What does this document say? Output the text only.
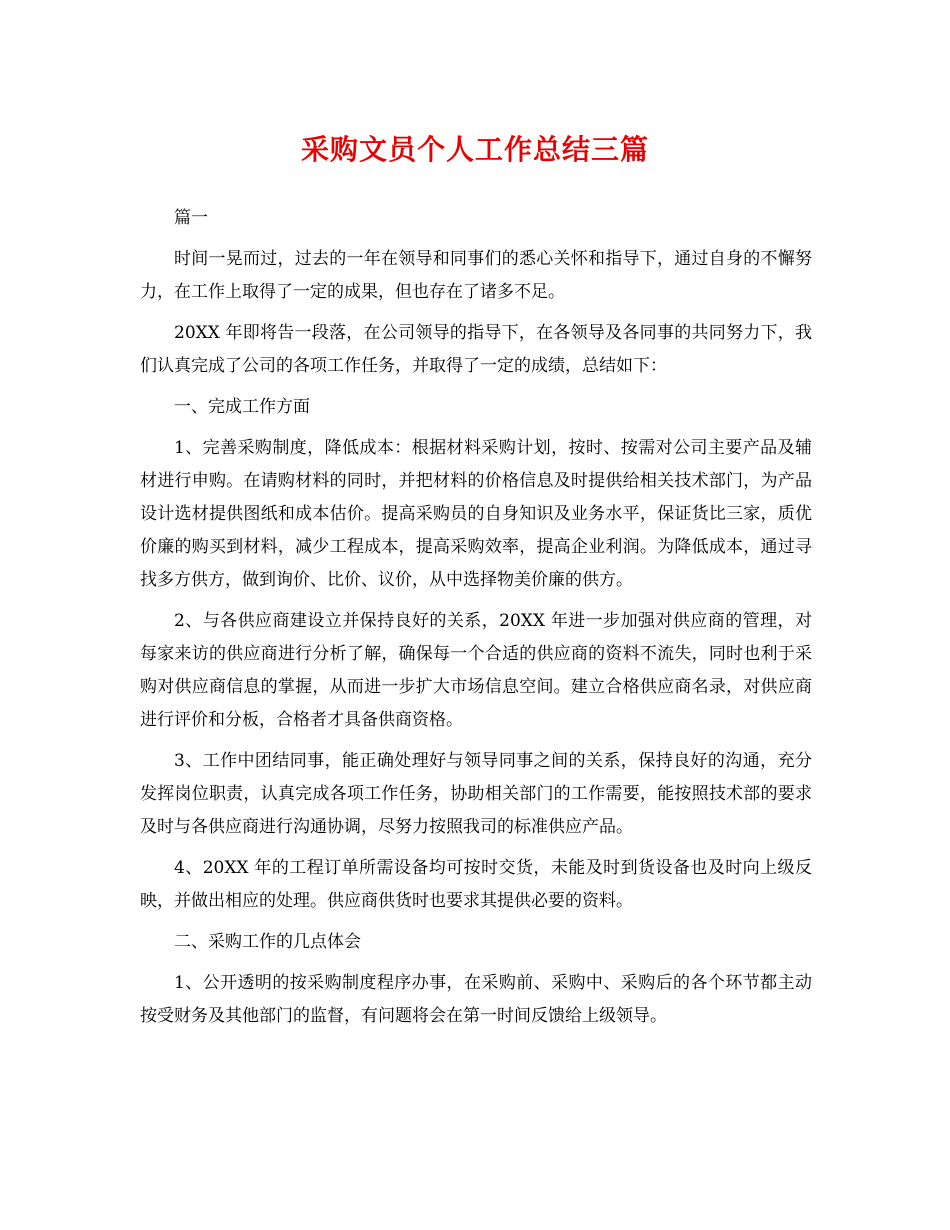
采购文员个人工作总结三篇

篇一

时间一晃而过，过去的一年在领导和同事们的悉心关怀和指导下，通过自身的不懈努力，在工作上取得了一定的成果，但也存在了诸多不足。

20XX 年即将告一段落，在公司领导的指导下，在各领导及各同事的共同努力下，我们认真完成了公司的各项工作任务，并取得了一定的成绩，总结如下：

一、完成工作方面

1、完善采购制度，降低成本：根据材料采购计划，按时、按需对公司主要产品及辅材进行申购。在请购材料的同时，并把材料的价格信息及时提供给相关技术部门，为产品设计选材提供图纸和成本估价。提高采购员的自身知识及业务水平，保证货比三家，质优价廉的购买到材料，减少工程成本，提高采购效率，提高企业利润。为降低成本，通过寻找多方供方，做到询价、比价、议价，从中选择物美价廉的供方。

2、与各供应商建设立并保持良好的关系，20XX 年进一步加强对供应商的管理，对每家来访的供应商进行分析了解，确保每一个合适的供应商的资料不流失，同时也利于采购对供应商信息的掌握，从而进一步扩大市场信息空间。建立合格供应商名录，对供应商进行评价和分板，合格者才具备供商资格。

3、工作中团结同事，能正确处理好与领导同事之间的关系，保持良好的沟通，充分发挥岗位职责，认真完成各项工作任务，协助相关部门的工作需要，能按照技术部的要求及时与各供应商进行沟通协调，尽努力按照我司的标准供应产品。

4、20XX 年的工程订单所需设备均可按时交货，未能及时到货设备也及时向上级反映，并做出相应的处理。供应商供货时也要求其提供必要的资料。

二、采购工作的几点体会

1、公开透明的按采购制度程序办事，在采购前、采购中、采购后的各个环节都主动按受财务及其他部门的监督，有问题将会在第一时间反馈给上级领导。
